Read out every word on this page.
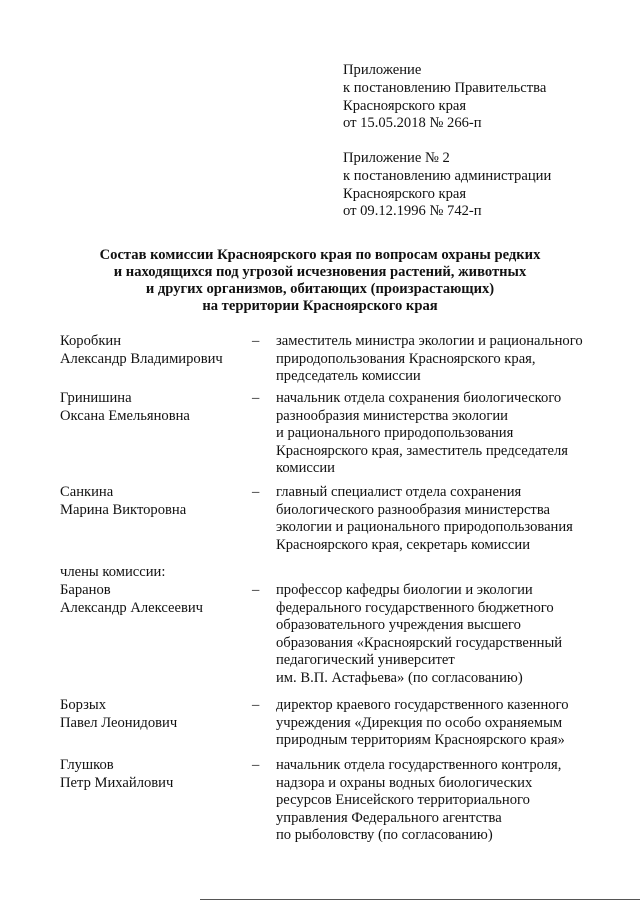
Приложение
к постановлению Правительства
Красноярского края
от 15.05.2018 № 266-п
Приложение № 2
к постановлению администрации
Красноярского края
от 09.12.1996 № 742-п
Состав комиссии Красноярского края по вопросам охраны редких
и находящихся под угрозой исчезновения растений, животных
и других организмов, обитающих (произрастающих)
на территории Красноярского края
Коробкин
Александр Владимирович
– заместитель министра экологии и рационального
природопользования Красноярского края,
председатель комиссии
Гринишина
Оксана Емельяновна
– начальник отдела сохранения биологического
разнообразия министерства экологии
и рационального природопользования
Красноярского края, заместитель председателя
комиссии
Санкина
Марина Викторовна
– главный специалист отдела сохранения
биологического разнообразия министерства
экологии и рационального природопользования
Красноярского края, секретарь комиссии
члены комиссии:
Баранов
Александр Алексеевич
– профессор кафедры биологии и экологии
федерального государственного бюджетного
образовательного учреждения высшего
образования «Красноярский государственный
педагогический университет
им. В.П. Астафьева» (по согласованию)
Борзых
Павел Леонидович
– директор краевого государственного казенного
учреждения «Дирекция по особо охраняемым
природным территориям Красноярского края»
Глушков
Петр Михайлович
– начальник отдела государственного контроля,
надзора и охраны водных биологических
ресурсов Енисейского территориального
управления Федерального агентства
по рыболовству (по согласованию)
